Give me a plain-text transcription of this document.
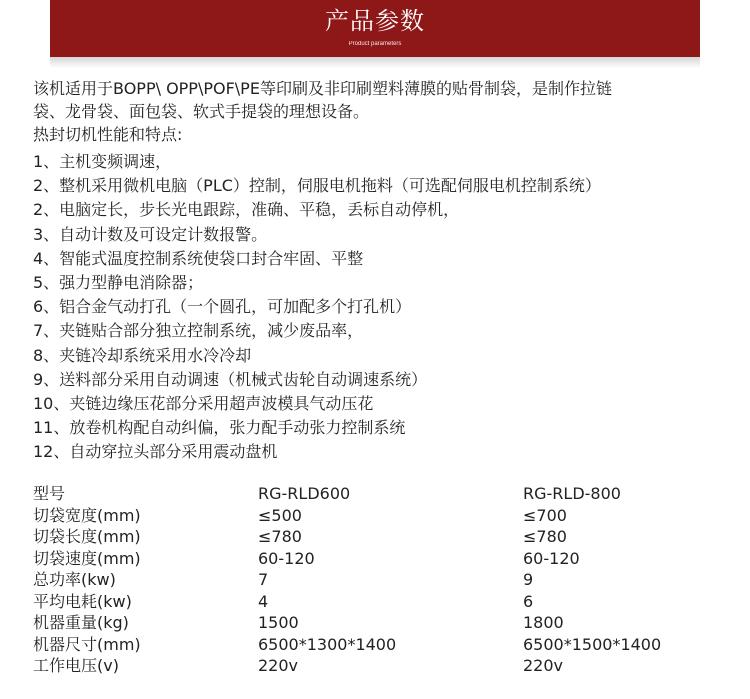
产品参数
Product parameters

该机适用于BOPP\ OPP\POF\PE等印刷及非印刷塑料薄膜的贴骨制袋，是制作拉链

袋、龙骨袋、面包袋、软式手提袋的理想设备。

热封切机性能和特点:

1、主机变频调速，
2、整机采用微机电脑（PLC）控制，伺服电机拖料（可选配伺服电机控制系统）
2、电脑定长，步长光电跟踪，准确、平稳，丢标自动停机，
3、自动计数及可设定计数报警。
4、智能式温度控制系统使袋口封合牢固、平整
5、强力型静电消除器；
6、铝合金气动打孔（一个圆孔，可加配多个打孔机）
7、夹链贴合部分独立控制系统，减少废品率，
8、夹链冷却系统采用水冷冷却
9、送料部分采用自动调速（机械式齿轮自动调速系统）
10、夹链边缘压花部分采用超声波模具气动压花
11、放卷机构配自动纠偏，张力配手动张力控制系统
12、自动穿拉头部分采用震动盘机
型号	RG-RLD600	RG-RLD-800
切袋宽度(mm)	≤500	≤700
切袋长度(mm)	≤780	≤780
切袋速度(mm)	60-120	60-120
总功率(kw)	7	9
平均电耗(kw)	4	6
机器重量(kg)	1500	1800
机器尺寸(mm)	6500*1300*1400	6500*1500*1400
工作电压(v)	220v	220v
